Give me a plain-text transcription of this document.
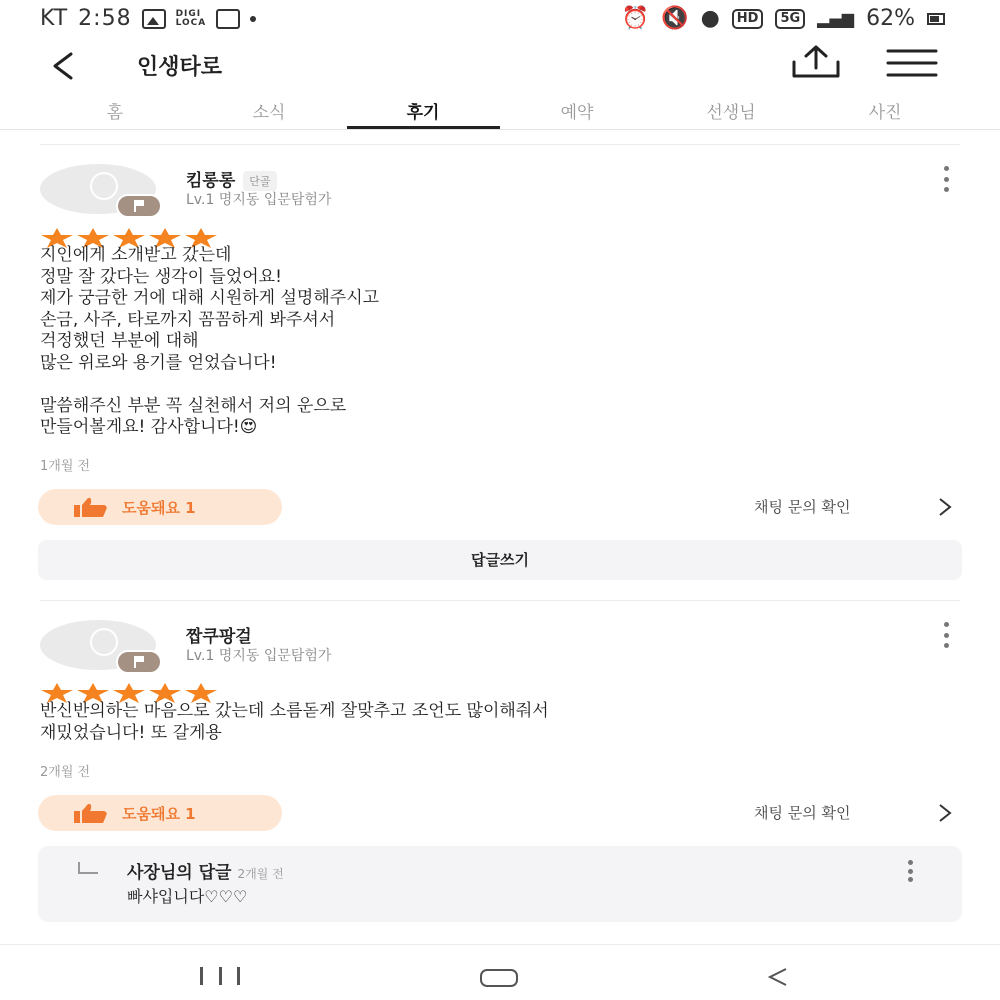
KT 2:58	DIGI
LOCA	⏰ 🔇 ●	HD	5G	▂▄▆ 62%
인생타로
홈	소식	후기	예약	선생님	사진
킴롱롱 단골
Lv.1 명지동 입문탐험가
지인에게 소개받고 갔는데
정말 잘 갔다는 생각이 들었어요!
제가 궁금한 거에 대해 시원하게 설명해주시고
손금, 사주, 타로까지 꼼꼼하게 봐주셔서
걱정했던 부분에 대해
많은 위로와 용기를 얻었습니다!

말씀해주신 부분 꼭 실천해서 저의 운으로
만들어볼게요! 감사합니다!😍
1개월 전
도움돼요 1	채팅 문의 확인
답글쓰기
짭쿠팡걸
Lv.1 명지동 입문탐험가
반신반의하는 마음으로 갔는데 소름돋게 잘맞추고 조언도 많이해줘서
재밌었습니다! 또 갈게용
2개월 전
도움돼요 1	채팅 문의 확인
사장님의 답글 2개월 전
빠샤입니다♡♡♡
